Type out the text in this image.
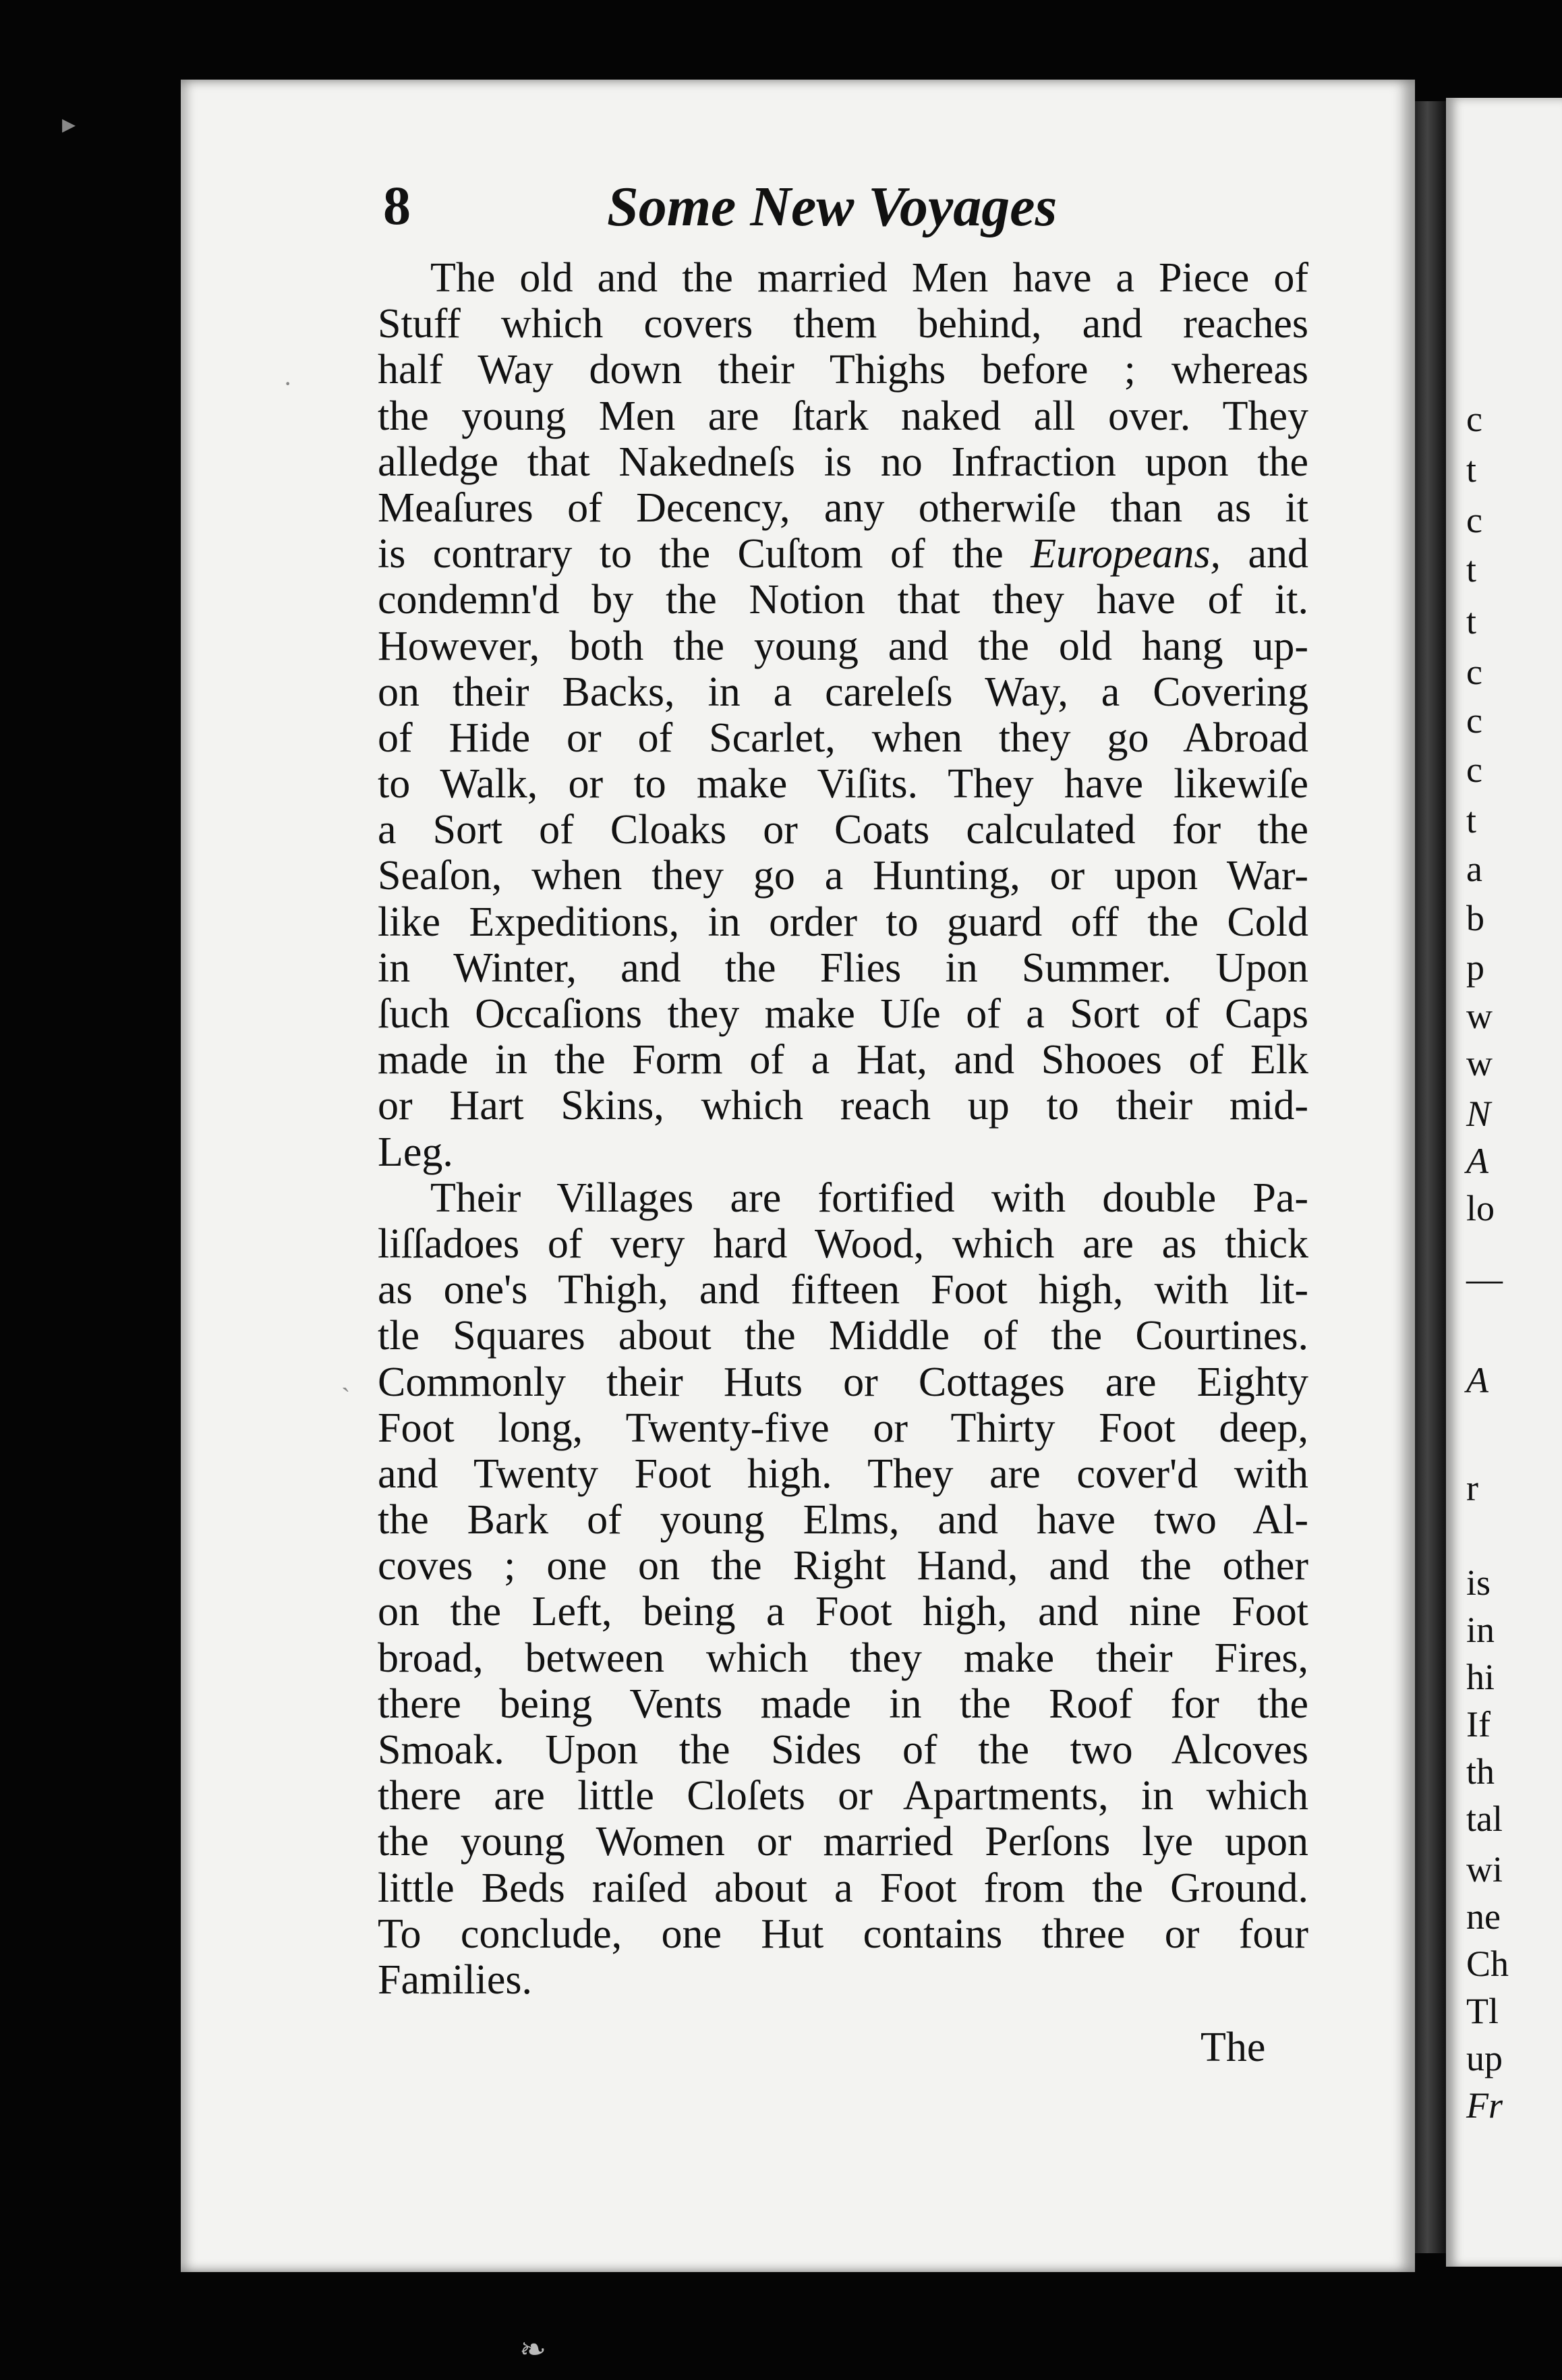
c
t
c
t
t
c
c
c
t
a
b
p
w
w
N
A
lo
—
A
r
is
in
hi
If
th
tal
wi
ne
Ch
Tl
up
Fr
8	Some New Voyages
The old and the married Men have a Piece of
Stuff which covers them behind, and reaches
half Way down their Thighs before ; whereas
the young Men are ſtark naked all over. They
alledge that Nakedneſs is no Infraction upon the
Meaſures of Decency, any otherwiſe than as it
is contrary to the Cuſtom of the Europeans, and
condemn'd by the Notion that they have of it.
However, both the young and the old hang up-
on their Backs, in a careleſs Way, a Covering
of Hide or of Scarlet, when they go Abroad
to Walk, or to make Viſits. They have likewiſe
a Sort of Cloaks or Coats calculated for the
Seaſon, when they go a Hunting, or upon War-
like Expeditions, in order to guard off the Cold
in Winter, and the Flies in Summer. Upon
ſuch Occaſions they make Uſe of a Sort of Caps
made in the Form of a Hat, and Shooes of Elk
or Hart Skins, which reach up to their mid-
Leg.
Their Villages are fortified with double Pa-
liſſadoes of very hard Wood, which are as thick
as one's Thigh, and fifteen Foot high, with lit-
tle Squares about the Middle of the Courtines.
Commonly their Huts or Cottages are Eighty
Foot long, Twenty-five or Thirty Foot deep,
and Twenty Foot high. They are cover'd with
the Bark of young Elms, and have two Al-
coves ; one on the Right Hand, and the other
on the Left, being a Foot high, and nine Foot
broad, between which they make their Fires,
there being Vents made in the Roof for the
Smoak. Upon the Sides of the two Alcoves
there are little Cloſets or Apartments, in which
the young Women or married Perſons lye upon
little Beds raiſed about a Foot from the Ground.
To conclude, one Hut contains three or four
Families.
The
▸
·
`
❧
